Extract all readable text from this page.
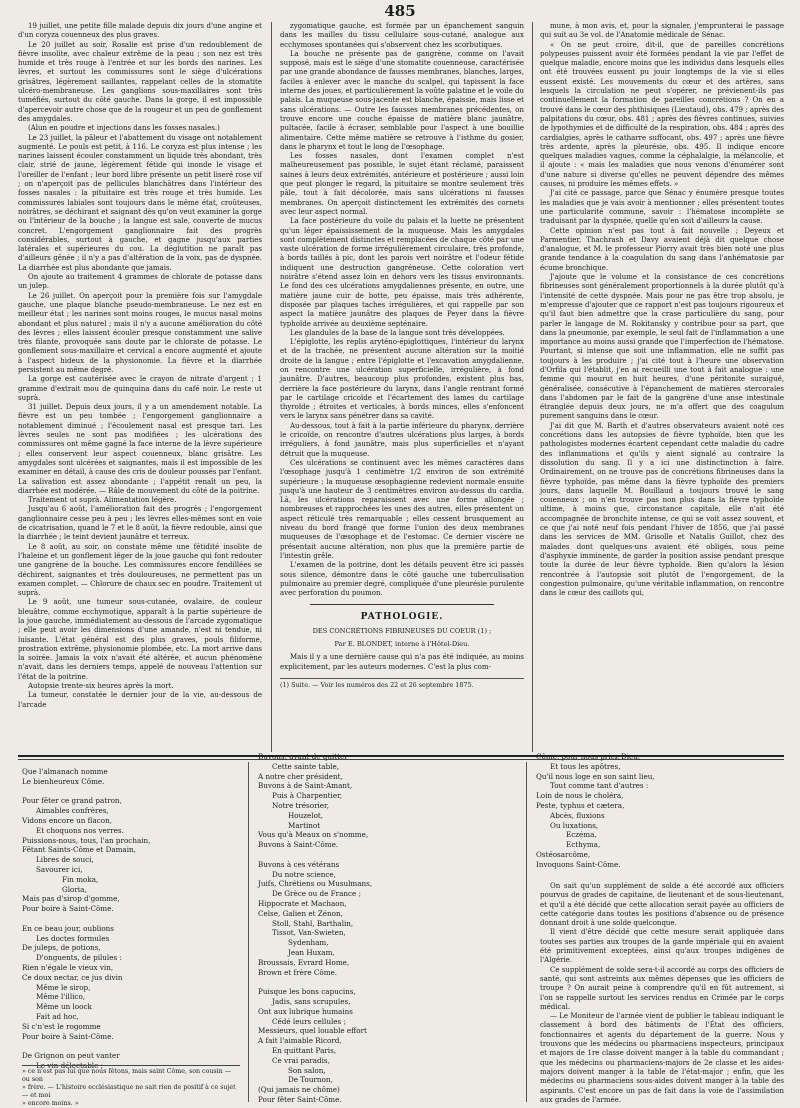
485

19 juillet, une petite fille malade depuis dix jours d'une angine et d'un coryza couenneux des plus graves.

Le 20 juillet au soir, Rosalie est prise d'un redoublement de fièvre insolite, avec chaleur extrême de la peau ; son nez est très humide et très rouge à l'entrée et sur les bords des narines. Les lèvres, et surtout les commissures sont le siège d'ulcérations grisâtres, légèrement saillantes, rappelant celles de la stomatite ulcéro-membraneuse. Les ganglions sous-maxillaires sont très tuméfiés, surtout du côté gauche. Dans la gorge, il est impossible d'apercevoir autre chose que de la rougeur et un peu de gonflement des amygdales.

(Alun en poudre et injections dans les fosses nasales.)

Le 23 juillet, la pâleur et l'abattement du visage ont notablement augmenté. Le pouls est petit, à 116. Le coryza est plus intense ; les narines laissent écouler constamment un liquide très abondant, très clair, strié de jaune, légèrement fétide qui inonde le visage et l'oreiller de l'enfant ; leur bord libre présente un petit liseré rose vif ; on n'aperçoit pas de pellicules blanchâtres dans l'intérieur des fosses nasales : la pituitaire est très rouge et très humide. Les commissures labiales sont toujours dans le même état, croûteuses, noirâtres, se déchirant et saignant dès qu'on veut examiner la gorge ou l'intérieur de la bouche ; la langue est sale, couverte de mucus concret. L'engorgement ganglionnaire fait des progrès considérables, surtout à gauche, et gagne jusqu'aux parties latérales et supérieures du cou. La déglutition ne paraît pas d'ailleurs gênée ; il n'y a pas d'altération de la voix, pas de dyspnée. La diarrhée est plus abondante que jamais.

On ajoute au traitement 4 grammes de chlorate de potasse dans un julep.

Le 26 juillet. On aperçoit pour la première fois sur l'amygdale gauche, une plaque blanche pseudo-membraneuse. Le nez est en meilleur état ; les narines sont moins rouges, le mucus nasal moins abondant et plus naturel ; mais il n'y a aucune amélioration du côté des lèvres ; elles laissent écouler presque constamment une salive très filante, provoquée sans doute par le chlorate de potasse. Le gonflement sous-maxillaire et cervical a encore augmenté et ajoute à l'aspect hideux de la physionomie. La fièvre et la diarrhée persistent au même degré.

La gorge est cautérisée avec le crayon de nitrate d'argent ; 1 gramme d'extrait mou de quinquina dans du café noir. Le reste ut suprà.

31 juillet. Depuis deux jours, il y a un amendement notable. La fièvre est un peu tombée ; l'engorgement ganglionnaire a notablement diminué ; l'écoulement nasal est presque tari. Les lèvres seules ne sont pas modifiées ; les ulcérations des commissures ont même gagné la face interne de la lèvre supérieure ; elles conservent leur aspect couenneux, blanc grisâtre. Les amygdales sont ulcérées et saignantes, mais il est impossible de les examiner en détail, à cause des cris de douleur poussés par l'enfant. La salivation est assez abondante ; l'appétit renaît un peu, la diarrhée est modérée. — Râle de mouvement du côté de la poitrine.

Traitement ut suprà. Alimentation légère.

Jusqu'au 6 août, l'amélioration fait des progrès ; l'engorgement ganglionnaire cesse peu à peu ; les lèvres elles-mêmes sont en voie de cicatrisation, quand le 7 et le 8 août, la fièvre redouble, ainsi que la diarrhée ; le teint devient jaunâtre et terreux.

Le 8 août, au soir, on constate même une fétidité insolite de l'haleine et un gonflement léger de la joue gauche qui font redouter une gangrène de la bouche. Les commissures encore fendillées se déchirent, saignantes et très douloureuses, ne permettent pas un examen complet. — Chlorure de chaux sec en poudre. Traitement ut suprà.

Le 9 août, une tumeur sous-cutanée, ovalaire, de couleur bleuâtre, comme ecchymotique, apparaît à la partie supérieure de la joue gauche, immédiatement au-dessous de l'arcade zygomatique ; elle peut avoir les dimensions d'une amande, n'est ni tendue, ni luisante. L'état général est des plus graves, pouls filiforme, prostration extrême, physionomie plombée, etc. La mort arrive dans la soirée. Jamais la voix n'avait été altérée, et aucun phénomène n'avait, dans les derniers temps, appelé de nouveau l'attention sur l'état de la poitrine.

Autopsie trente-six heures après la mort.

La tumeur, constatée le dernier jour de la vie, au-dessous de l'arcade

zygomatique gauche, est formée par un épanchement sanguin dans les mailles du tissu cellulaire sous-cutané, analogue aux ecchymoses spontanées qui s'observent chez les scorbutiques.

La bouche ne présente pas de gangrène, comme on l'avait supposé, mais est le siège d'une stomatite couenneuse, caractérisée par une grande abondance de fausses membranes, blanches, larges, faciles à enlever avec le manche du scalpel, qui tapissent la face interne des joues, et particulièrement la voûte palatine et le voile du palais. La muqueuse sous-jacente est blanche, épaissie, mais lisse et sans ulcérations. — Outre les fausses membranes précédentes, on trouve encore une couche épaisse de matière blanc jaunâtre, pultacée, facile à écraser, semblable pour l'aspect à une bouillie alimentaire. Cette même matière se retrouve à l'isthme du gosier, dans le pharynx et tout le long de l'œsophage.

Les fosses nasales, dont l'examen complet n'est malheureusement pas possible, le sujet étant réclamé, paraissent saines à leurs deux extrémités, antérieure et postérieure ; aussi loin que peut plonger le regard, la pituitaire se montre seulement très pâle, tout à fait décolorée, mais sans ulcérations ni fausses membranes. On aperçoit distinctement les extrémités des cornets avec leur aspect normal.

La face postérieure du voile du palais et la luette ne présentent qu'un léger épaississement de la muqueuse. Mais les amygdales sont complètement distinctes et remplacées de chaque côté par une vaste ulcération de forme irrégulièrement circulaire, très profonde, à bords taillés à pic, dont les parois vert noirâtre et l'odeur fétide indiquent une destruction gangréneuse. Cette coloration vert noirâtre s'étend assez loin en dehors vers les tissus environnants. Le fond des ces ulcérations amygdaliennes présente, en outre, une matière jaune cuir de botte, peu épaisse, mais très adhérente, disposée par plaques taches irrégulières, et qui rappelle par son aspect la matière jaunâtre des plaques de Peyer dans la fièvre typhoïde arrivée au deuxième septénaire.

Les glandules de la base de la langue sont très développées.

L'épiglotte, les replis aryténo-épiglottiques, l'intérieur du larynx et de la trachée, ne présentent aucune altération sur la moitié droite de la langue ; entre l'épiglotte et l'excavation amygdalienne, on rencontre une ulcération superficielle, irrégulière, à fond jaunâtre. D'autres, beaucoup plus profondes, existent plus bas, derrière la face postérieure du larynx, dans l'angle rentrant formé par le cartilage cricoïde et l'écartement des lames du cartilage thyroïde ; étroites et verticales, à bords minces, elles s'enfoncent vers le larynx sans pénétrer dans sa cavité.

Au-dessous, tout à fait à la partie inférieure du pharynx, derrière le cricoïde, on rencontre d'autres ulcérations plus larges, à bords irréguliers, à fond jaunâtre, mais plus superficielles et n'ayant détruit que la muqueuse.

Ces ulcérations se continuent avec les mêmes caractères dans l'œsophage jusqu'à 1 centimètre 1/2 environ de son extrémité supérieure ; la muqueuse œsophagienne redevient normale ensuite jusqu'à une hauteur de 3 centimètres environ au-dessus du cardia. Là, les ulcérations reparaissent avec une forme allongée ; nombreuses et rapprochées les unes des autres, elles présentent un aspect réticulé très remarquable ; elles cessent brusquement au niveau du bord frangé que forme l'union des deux membranes muqueuses de l'œsophage et de l'estomac. Ce dernier viscère ne présentait aucune altération, non plus que la première partie de l'intestin grêle.

L'examen de la poitrine, dont les détails peuvent être ici passés sous silence, démontre dans le côté gauche une tuberculisation pulmonaire au premier degré, compliquée d'une pleurésie purulente avec perforation du poumon.

PATHOLOGIE.
DES CONCRÉTIONS FIBRINEUSES DU COEUR (1) ;
Par E. BLONDET, interne à l'Hôtel-Dieu.

Mais il y a une dernière cause qui n'a pas été indiquée, au moins explicitement, par les auteurs modernes. C'est la plus com-

(1) Suite. — Voir les numéros des 22 et 26 septembre 1875.

mune, à mon avis, et, pour la signaler, j'emprunterai le passage qui suit au 3e vol. de l'Anatomie médicale de Sénac.

« On ne peut croire, dit-il, que de pareilles concrétions polypeuses puissent avoir été formées pendant la vie par l'effet de quelque maladie, encore moins que les individus dans lesquels elles ont été trouvées eussent pu jouir longtemps de la vie si elles eussent existé. Les mouvements du cœur et des artères, sans lesquels la circulation ne peut s'opérer, ne prévienent-ils pas continuellement la formation de pareilles concrétions ? On en a trouvé dans le cœur des phthisiques (Lieutaud), obs. 479 ; après des palpitations du cœur, obs. 481 ; après des fièvres continues, suivies de lypothymies et de difficulté de la respiration, obs. 484 ; après des cardialgies, après le catharre suffocant, obs. 497 ; après une fièvre très ardente, après la pleurésie, obs. 495. Il indique encore quelques maladies vagues, comme la céphalalgie, la mélancolie, et il ajoute : « mais les maladies que nous venons d'énumérer sont d'une nature si diverse qu'elles ne peuvent dépendre des mêmes causes, ni produire les mêmes effets. »

J'ai cité ce passage, parce que Sénac y énumère presque toutes les maladies que je vais avoir à mentionner ; elles présentent toutes une particularité commune, savoir : l'hématose incomplète se traduisant par la dyspnée, quelle qu'en soit d'ailleurs la cause.

Cette opinion n'est pas tout à fait nouvelle ; Deyeux et Parmentier, Thachrash et Davy avaient déjà dit quelque chose d'analogue, et M. le professeur Piorry avait très bien noté une plus grande tendance à la coagulation du sang dans l'anhématosie par écume bronchique.

J'ajoute que le volume et la consistance de ces concrétions fibrineuses sont généralement proportionnels à la durée plutôt qu'à l'intensité de cette dyspnée. Mais pour ne pas être trop absolu, je m'empresse d'ajouter que ce rapport n'est pas toujours rigoureux et qu'il faut bien admettre que la crase particulière du sang, pour parler le langage de M. Rokitansky y contribue pour sa part, que dans la pneumonie, par exemple, le seul fait de l'inflammation a une importance au moins aussi grande que l'imperfection de l'hématose. Pourtant, si intense que soit une inflammation, elle ne suffit pas toujours à les produire ; j'ai cité tout à l'heure une observation d'Orfila qui l'établit, j'en ai recueilli une tout à fait analogue : une femme qui mourut en huit heures, d'une péritonite suraiguë, généralisée, consécutive à l'épanchement de matières stercorales dans l'abdomen par le fait de la gangrène d'une anse intestinale étranglée depuis deux jours, ne m'a offert que des coagulum purement sanguins dans le cœur.

J'ai dit que M. Barth et d'autres observateurs avaient noté ces concrétions dans les autopsies de fièvre typhoïde, bien que les pathologistes modernes écartent cependant cette maladie du cadre des inflammations et qu'ils y aient signalé au contraire la dissolution du sang. Il y a ici une distinctinction à faire. Ordinairement, on ne trouve pas de concrétions fibrineuses dans la fièvre typhoïde, pas même dans la fièvre typhoïde des premiers jours, dans laquelle M. Bouillaud a toujours trouvé le sang couenneux ; on n'en trouve pas non plus dans la fièvre typhoïde ultime, à moins que, circonstance capitale, elle n'ait été accompagnée de bronchite intense, ce qui se voit assez souvent, et ce que j'ai noté neuf fois pendant l'hiver de 1856, que j'ai passé dans les services de MM. Grisolle et Natalis Guillot, chez des malades dont quelques-uns avaient été obligés, sous peine d'asphyxie imminente, de garder la position assise pendant presque toute la durée de leur fièvre typhoïde. Bien qu'alors la lésion rencontrée à l'autopsie soit plutôt de l'engorgement, de la congestion pulmonaire, qu'une véritable inflammation, on rencontre dans le cœur des caillots qui,

Que l'almanach nomme
Le bienheureux Côme.

Pour fêter ce grand patron,
Aimables confrères,
Vidons encore un flacon,
Et choquons nos verres.
Puissions-nous, tous, l'an prochain,
Fêtant Saints-Côme et Damain,
Libres de souci,
Savourer ici,
Fin moka,
Gloria,
Mais pas d'sirop d'gomme,
Pour boire à Saint-Côme.

En ce beau jour, oublions
Les doctes formules
De juleps, de potions,
D'onguents, de pilules :
Rien n'égale le vieux vin,
Ce doux nectar, ce jus divin
Même le sirop,
Même l'illico,
Même un loock
Fait ad hoc,
Si c'n'est le rogomme
Pour boire à Saint-Côme.

De Grignon on peut vanter
Le vin délectable ;
» ce n'est pas lui que nous fêtons, mais saint Côme, son cousin — ou son
» frère. — L'histoire ecclésiastique ne sait rien de positif à ce sujet — et moi
» encore moins. »
Buvons, avant de quitter
Cette sainte table,
A notre cher président,
Buvons à de Saint-Amant,
Puis à Charpentier,
Notre trésorier,
Houzelot,
Martinot
Vous qu'à Meaux on s'nomme,
Buvons à Saint-Côme.

Buvons à ces vétérans
Du notre science,
Juifs, Chrétiens ou Musulmans,
De Grèce ou de France ;
Hippocrate et Machaon,
Celse, Galien et Zénon,
Stoll, Stahl, Barthalin,
Tissot, Van-Swieten,
Sydenham,
Jean Huxam,
Broussais, Evrard Home,
Brown et frère Côme.

Puisque les bons capucins,
Jadis, sans scrupules,
Ont aux lubrique humains
Cédé leurs cellules ;
Messieurs, quel louable effort
A fait l'aimable Ricord,
En quittant Paris,
Ce vrai paradis,
Son salon,
De Tournon,
(Qui jamais ne chôme)
Pour fêter Saint-Côme.
Côme, pour nous priez Dieu,
Et tous les apôtres,
Qu'il nous loge en son saint lieu,
Tout comme tant d'autres :
Loin de nous le choléra,
Peste, typhus et cætera,
Abcès, fluxions
Ou luxations,
Eczéma,
Ecthyma,
Ostéosarcôme,
Invoquons Saint-Côme.

On sait qu'un supplément de solde a été accordé aux officiers pourvus de grades de capitaine, de lieutenant et de sous-lieutenant, et qu'il a été décidé que cette allocation serait payée au officiers de cette catégorie dans toutes les positions d'absence ou de présence donnant droit à une solde quelconque.

Il vient d'être décidé que cette mesure serait appliquée dans toutes ses parties aux troupes de la garde impériale qui en avaient été primitivement exceptées, ainsi qu'aux troupes indigènes de l'Algérie.

Ce supplément de solde sera-t-il accordé au corps des officiers de santé, qui sont astreints aux mêmes dépenses que les officiers de troupe ? On aurait peine à comprendre qu'il en fût autrement, si l'on se rappelle surtout les services rendus en Crimée par le corps médical.

— Le Moniteur de l'armée vient de publier le tableau indiquant le classement à bord des bâtiments de l'État des officiers, fonctionnaires et agents du département de la guerre. Nous y trouvons que les médecins ou pharmaciens inspecteurs, principaux et majors de 1re classe doivent manger à la table du commandant ; que les médecins ou pharmaciens-majors de 2e classe et les aides-majors doivent manger à la table de l'état-major ; enfin, que les médecins ou pharmaciens sous-aides doivent manger à la table des aspirants. C'est encore un pas de fait dans la voie de l'assimilation aux grades de l'armée.
